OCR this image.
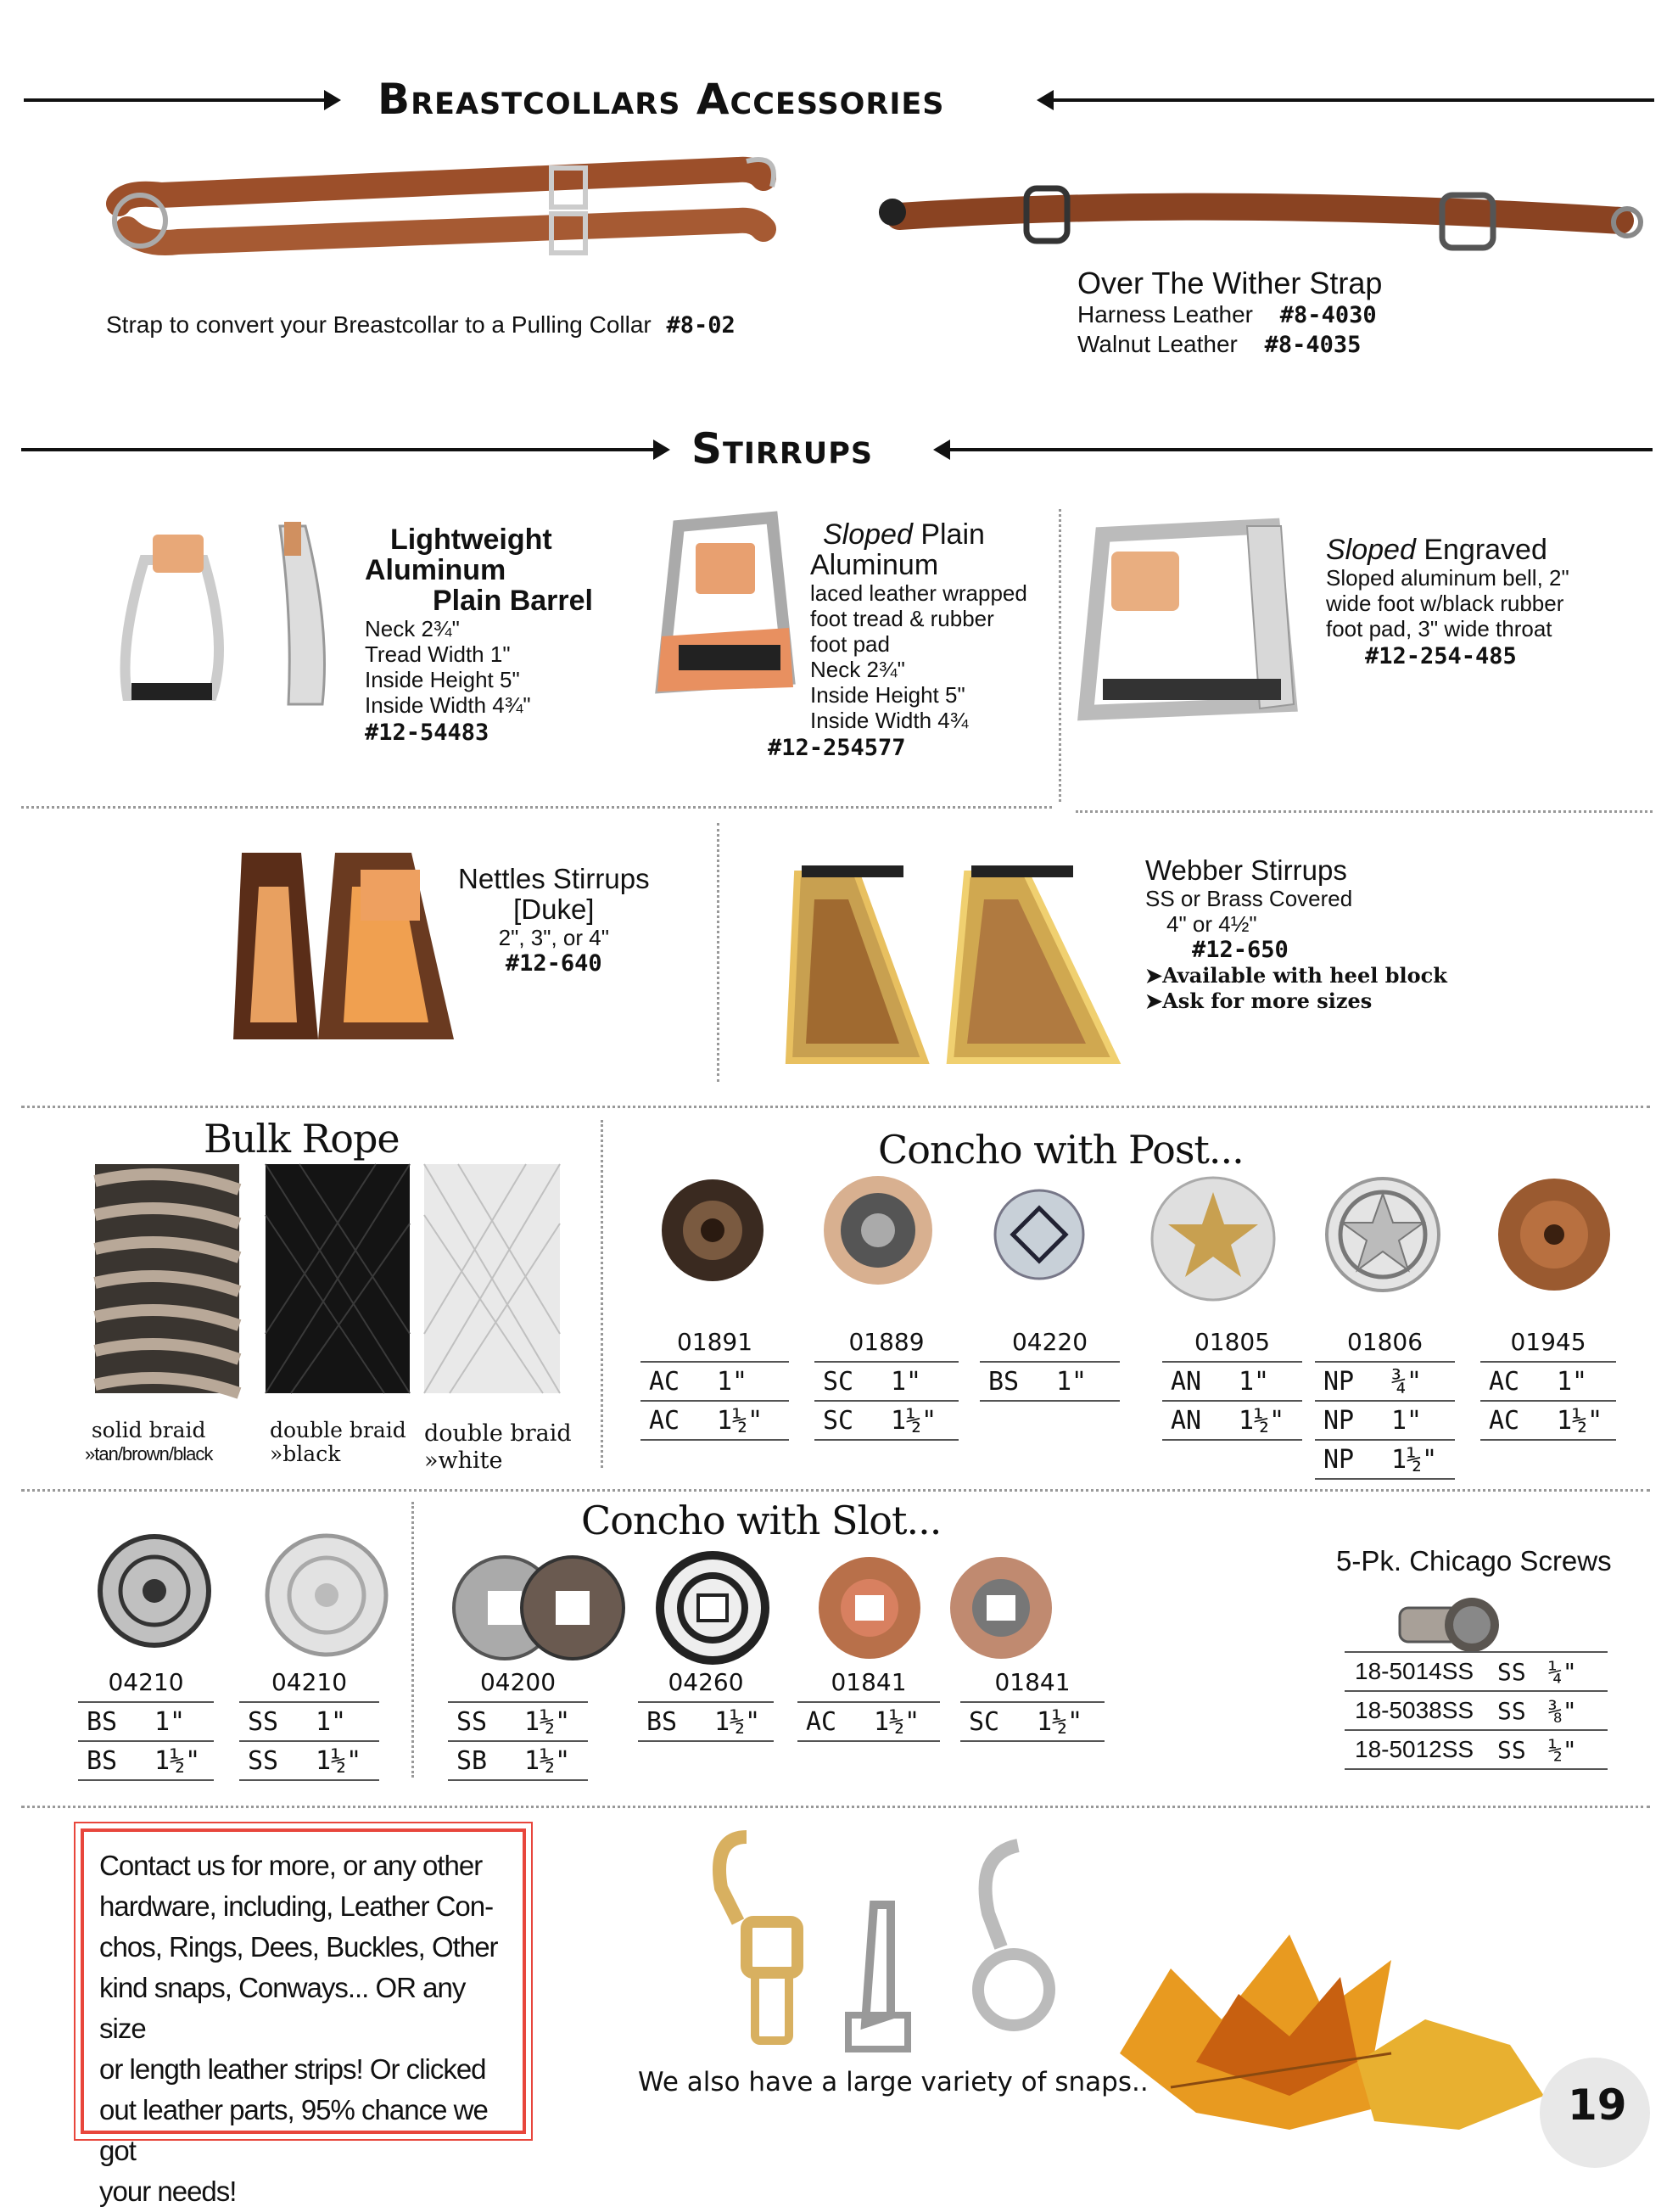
Breastcollars Accessories
Strap to convert your Breastcollar to a Pulling Collar #8-02
Over The Wither Strap
Harness Leather #8-4030
Walnut Leather #8-4035
Stirrups
Lightweight
Aluminum
Plain Barrel
Neck 2¾"
Tread Width 1"
Inside Height 5"
Inside Width 4¾"
#12-54483
Sloped Plain
Aluminum
laced leather wrapped
foot tread & rubber
foot pad
Neck 2¾"
Inside Height 5"
Inside Width 4¾
#12-254577
Sloped Engraved
Sloped aluminum bell, 2"
wide foot w/black rubber
foot pad, 3" wide throat
#12-254-485
Nettles Stirrups
[Duke]
2", 3", or 4"
#12-640
Webber Stirrups
SS or Brass Covered
4" or 4½"
#12-650
➤Available with heel block
➤Ask for more sizes
Bulk Rope
solid braid
»tan/brown/black
double braid
»black
double braid
»white
Concho with Post...
01891
AC	1"
AC	1½"
01889
SC	1"
SC	1½"
04220
BS	1"
01805
AN	1"
AN	1½"
01806
NP	¾"
NP	1"
NP	1½"
01945
AC	1"
AC	1½"
Concho with Slot...
04210
BS	1"
BS	1½"
04210
SS	1"
SS	1½"
04200
SS	1½"
SB	1½"
04260
BS	1½"
01841
AC	1½"
01841
SC	1½"
5-Pk. Chicago Screws
18-5014SS SS ¼"
18-5038SS SS ⅜"
18-5012SS SS ½"
Contact us for more, or any other
hardware, including, Leather Con-
chos, Rings, Dees, Buckles, Other
kind snaps, Conways... OR any size
or length leather strips! Or clicked
out leather parts, 95% chance we got
your needs!
We also have a large variety of snaps..	19
